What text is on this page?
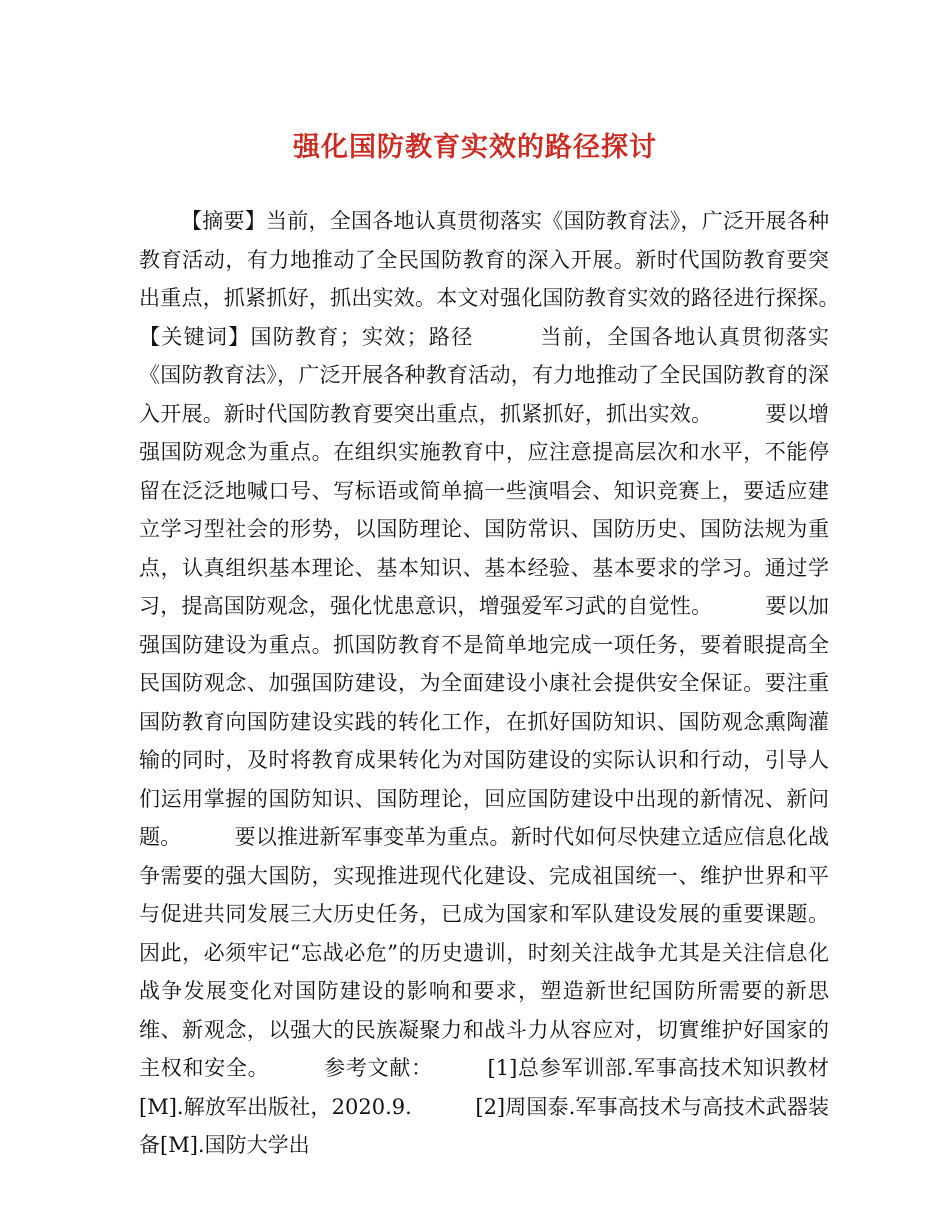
强化国防教育实效的路径探讨

【摘要】当前，全国各地认真贯彻落实《国防教育法》，广泛开展各种教育活动，有力地推动了全民国防教育的深入开展。新时代国防教育要突出重点，抓紧抓好，抓出实效。本文对强化国防教育实效的路径进行探探。　　　【关键词】国防教育；实效；路径　　　当前，全国各地认真贯彻落实《国防教育法》，广泛开展各种教育活动，有力地推动了全民国防教育的深入开展。新时代国防教育要突出重点，抓紧抓好，抓出实效。　　　要以增强国防观念为重点。在组织实施教育中，应注意提高层次和水平，不能停留在泛泛地喊口号、写标语或简单搞一些演唱会、知识竞赛上，要适应建立学习型社会的形势，以国防理论、国防常识、国防历史、国防法规为重点，认真组织基本理论、基本知识、基本经验、基本要求的学习。通过学习，提高国防观念，强化忧患意识，增强爱军习武的自觉性。　　　要以加强国防建设为重点。抓国防教育不是简单地完成一项任务，要着眼提高全民国防观念、加强国防建设，为全面建设小康社会提供安全保证。要注重国防教育向国防建设实践的转化工作，在抓好国防知识、国防观念熏陶灌输的同时，及时将教育成果转化为对国防建设的实际认识和行动，引导人们运用掌握的国防知识、国防理论，回应国防建设中出现的新情况、新问题。　　　要以推进新军事变革为重点。新时代如何尽快建立适应信息化战争需要的强大国防，实现推进现代化建设、完成祖国统一、维护世界和平与促进共同发展三大历史任务，已成为国家和军队建设发展的重要课题。因此，必须牢记“忘战必危”的历史遗训，时刻关注战争尤其是关注信息化战争发展变化对国防建设的影响和要求，塑造新世纪国防所需要的新思维、新观念，以强大的民族凝聚力和战斗力从容应对，切實维护好国家的主权和安全。　　　参考文献：　　　[1]总参军训部.军事高技术知识教材[M].解放军出版社，2020.9.　　　[2]周国泰.军事高技术与高技术武器装备[M].国防大学出
